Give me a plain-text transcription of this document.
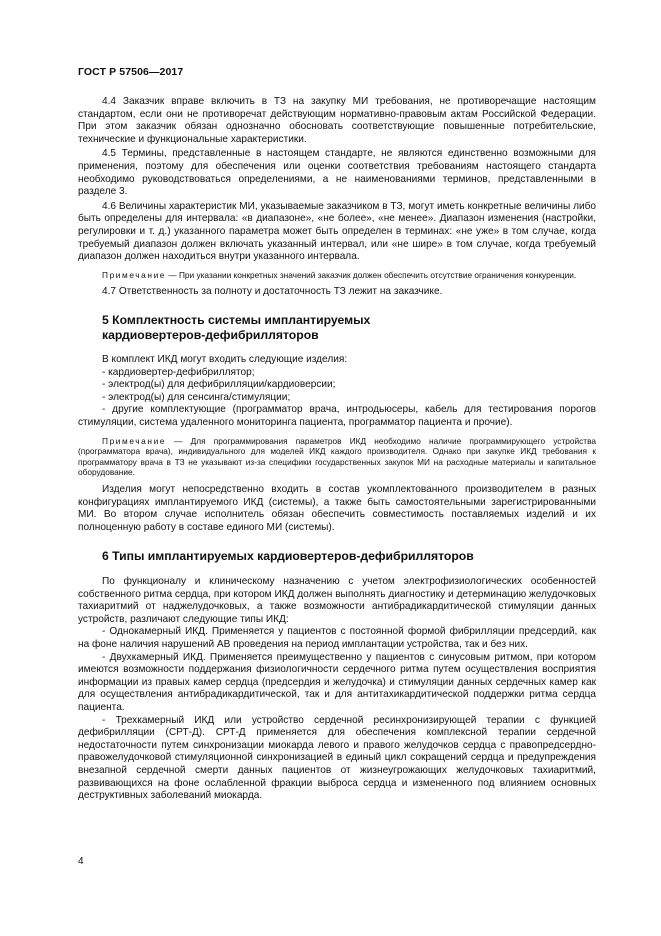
ГОСТ Р 57506—2017

4.4 Заказчик вправе включить в ТЗ на закупку МИ требования, не противоречащие настоящим стандартом, если они не противоречат действующим нормативно-правовым актам Российской Федерации. При этом заказчик обязан однозначно обосновать соответствующие повышенные потребительские, технические и функциональные характеристики.

4.5 Термины, представленные в настоящем стандарте, не являются единственно возможными для применения, поэтому для обеспечения или оценки соответствия требованиям настоящего стандарта необходимо руководствоваться определениями, а не наименованиями терминов, представленными в разделе 3.

4.6 Величины характеристик МИ, указываемые заказчиком в ТЗ, могут иметь конкретные величины либо быть определены для интервала: «в диапазоне», «не более», «не менее». Диапазон изменения (настройки, регулировки и т. д.) указанного параметра может быть определен в терминах: «не уже» в том случае, когда требуемый диапазон должен включать указанный интервал, или «не шире» в том случае, когда требуемый диапазон должен находиться внутри указанного интервала.

Примечание — При указании конкретных значений заказчик должен обеспечить отсутствие ограничения конкуренции.

4.7 Ответственность за полноту и достаточность ТЗ лежит на заказчике.

5 Комплектность системы имплантируемых
кардиовертеров-дефибрилляторов

В комплект ИКД могут входить следующие изделия:

- кардиовертер-дефибриллятор;

- электрод(ы) для дефибрилляции/кардиоверсии;

- электрод(ы) для сенсинга/стимуляции;

- другие комплектующие (программатор врача, интродьюсеры, кабель для тестирования порогов стимуляции, система удаленного мониторинга пациента, программатор пациента и прочие).

Примечание — Для программирования параметров ИКД необходимо наличие программирующего устройства (программатора врача), индивидуального для моделей ИКД каждого производителя. Однако при закупке ИКД требования к программатору врача в ТЗ не указывают из-за специфики государственных закупок МИ на расходные материалы и капитальное оборудование.

Изделия могут непосредственно входить в состав укомплектованного производителем в разных конфигурациях имплантируемого ИКД (системы), а также быть самостоятельными зарегистрированными МИ. Во втором случае исполнитель обязан обеспечить совместимость поставляемых изделий и их полноценную работу в составе единого МИ (системы).

6 Типы имплантируемых кардиовертеров-дефибрилляторов

По функционалу и клиническому назначению с учетом электрофизиологических особенностей собственного ритма сердца, при котором ИКД должен выполнять диагностику и детерминацию желудочковых тахиаритмий от наджелудочковых, а также возможности антибрадикардитической стимуляции данных устройств, различают следующие типы ИКД:

- Однокамерный ИКД. Применяется у пациентов с постоянной формой фибрилляции предсердий, как на фоне наличия нарушений АВ проведения на период имплантации устройства, так и без них.

- Двухкамерный ИКД. Применяется преимущественно у пациентов с синусовым ритмом, при котором имеются возможности поддержания физиологичности сердечного ритма путем осуществления восприятия информации из правых камер сердца (предсердия и желудочка) и стимуляции данных сердечных камер как для осуществления антибрадикардитической, так и для антитахикардитической поддержки ритма сердца пациента.

- Трехкамерный ИКД или устройство сердечной ресинхронизирующей терапии с функцией дефибрилляции (СРТ-Д). СРТ-Д применяется для обеспечения комплексной терапии сердечной недостаточности путем синхронизации миокарда левого и правого желудочков сердца с правопредсердно-правожелудочковой стимуляционной синхронизацией в единый цикл сокращений сердца и предупреждения внезапной сердечной смерти данных пациентов от жизнеугрожающих желудочковых тахиаритмий, развивающихся на фоне ослабленной фракции выброса сердца и измененного под влиянием основных деструктивных заболеваний миокарда.

4
